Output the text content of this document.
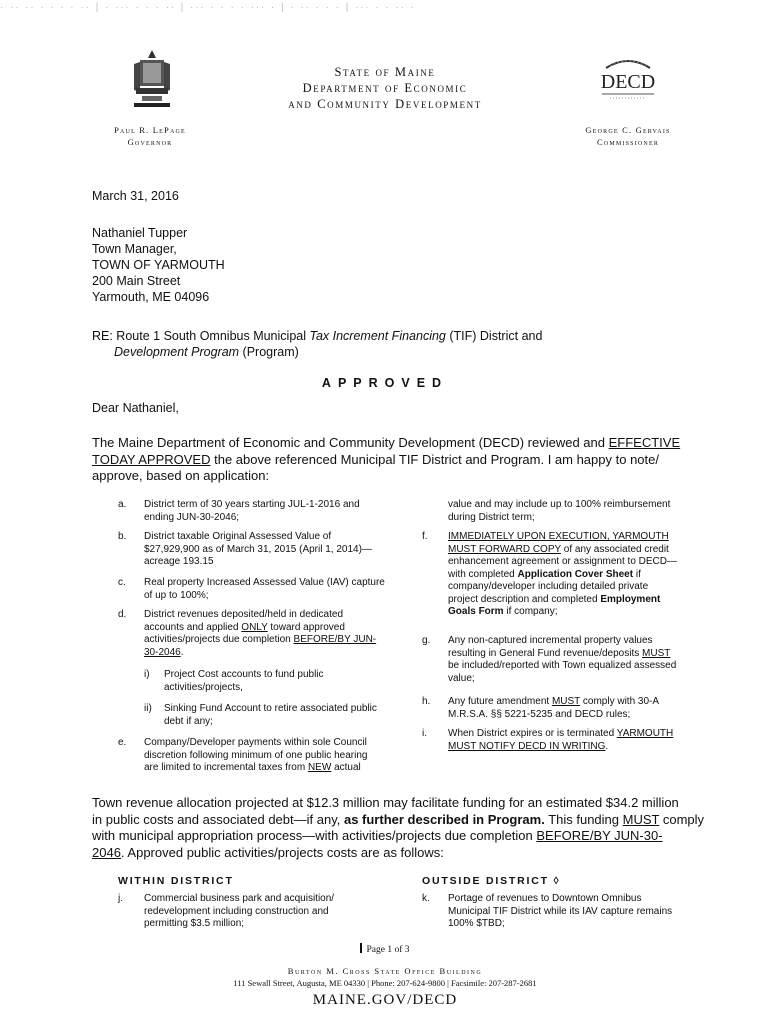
· ·∙ ·· · · ∙ · ·· | · ·∙· · · · ·∙ | ·∙· · · · · ·∙· · | · ·∙ · · · | ·∙· · · ·∙ ·
State of Maine
Department of Economic
and Community Development
DECD
Paul R. LePage
Governor
George C. Gervais
Commissioner
March 31, 2016
Nathaniel Tupper
Town Manager,
TOWN OF YARMOUTH
200 Main Street
Yarmouth, ME 04096
RE: Route 1 South Omnibus Municipal Tax Increment Financing (TIF) District and
Development Program (Program)
APPROVED
Dear Nathaniel,
The Maine Department of Economic and Community Development (DECD) reviewed and EFFECTIVE
TODAY APPROVED the above referenced Municipal TIF District and Program. I am happy to note/
approve, based on application:
a.	District term of 30 years starting JUL-1-2016 and
ending JUN-30-2046;
b.	District taxable Original Assessed Value of
$27,929,900 as of March 31, 2015 (April 1, 2014)—
acreage 193.15
c.	Real property Increased Assessed Value (IAV) capture
of up to 100%;
d.	District revenues deposited/held in dedicated
accounts and applied ONLY toward approved
activities/projects due completion BEFORE/BY JUN-
30-2046.
i)	Project Cost accounts to fund public
activities/projects,
ii)	Sinking Fund Account to retire associated public
debt if any;
e.	Company/Developer payments within sole Council
discretion following minimum of one public hearing
are limited to incremental taxes from NEW actual
value and may include up to 100% reimbursement
during District term;
f.	IMMEDIATELY UPON EXECUTION, YARMOUTH
MUST FORWARD COPY of any associated credit
enhancement agreement or assignment to DECD—
with completed Application Cover Sheet if
company/developer including detailed private
project description and completed Employment
Goals Form if company;
g.	Any non-captured incremental property values
resulting in General Fund revenue/deposits MUST
be included/reported with Town equalized assessed
value;
h.	Any future amendment MUST comply with 30-A
M.R.S.A. §§ 5221-5235 and DECD rules;
i.	When District expires or is terminated YARMOUTH
MUST NOTIFY DECD IN WRITING.
Town revenue allocation projected at $12.3 million may facilitate funding for an estimated $34.2 million
in public costs and associated debt—if any, as further described in Program. This funding MUST comply
with municipal appropriation process—with activities/projects due completion BEFORE/BY JUN-30-
2046. Approved public activities/projects costs are as follows:
WITHIN DISTRICT	OUTSIDE DISTRICT ◊
j.	Commercial business park and acquisition/
redevelopment including construction and
permitting $3.5 million;
k.	Portage of revenues to Downtown Omnibus
Municipal TIF District while its IAV capture remains
100% $TBD;
Page 1 of 3
Burton M. Cross State Office Building
111 Sewall Street, Augusta, ME 04330 | Phone: 207-624-9800 | Facsimile: 207-287-2681
MAINE.GOV/DECD
